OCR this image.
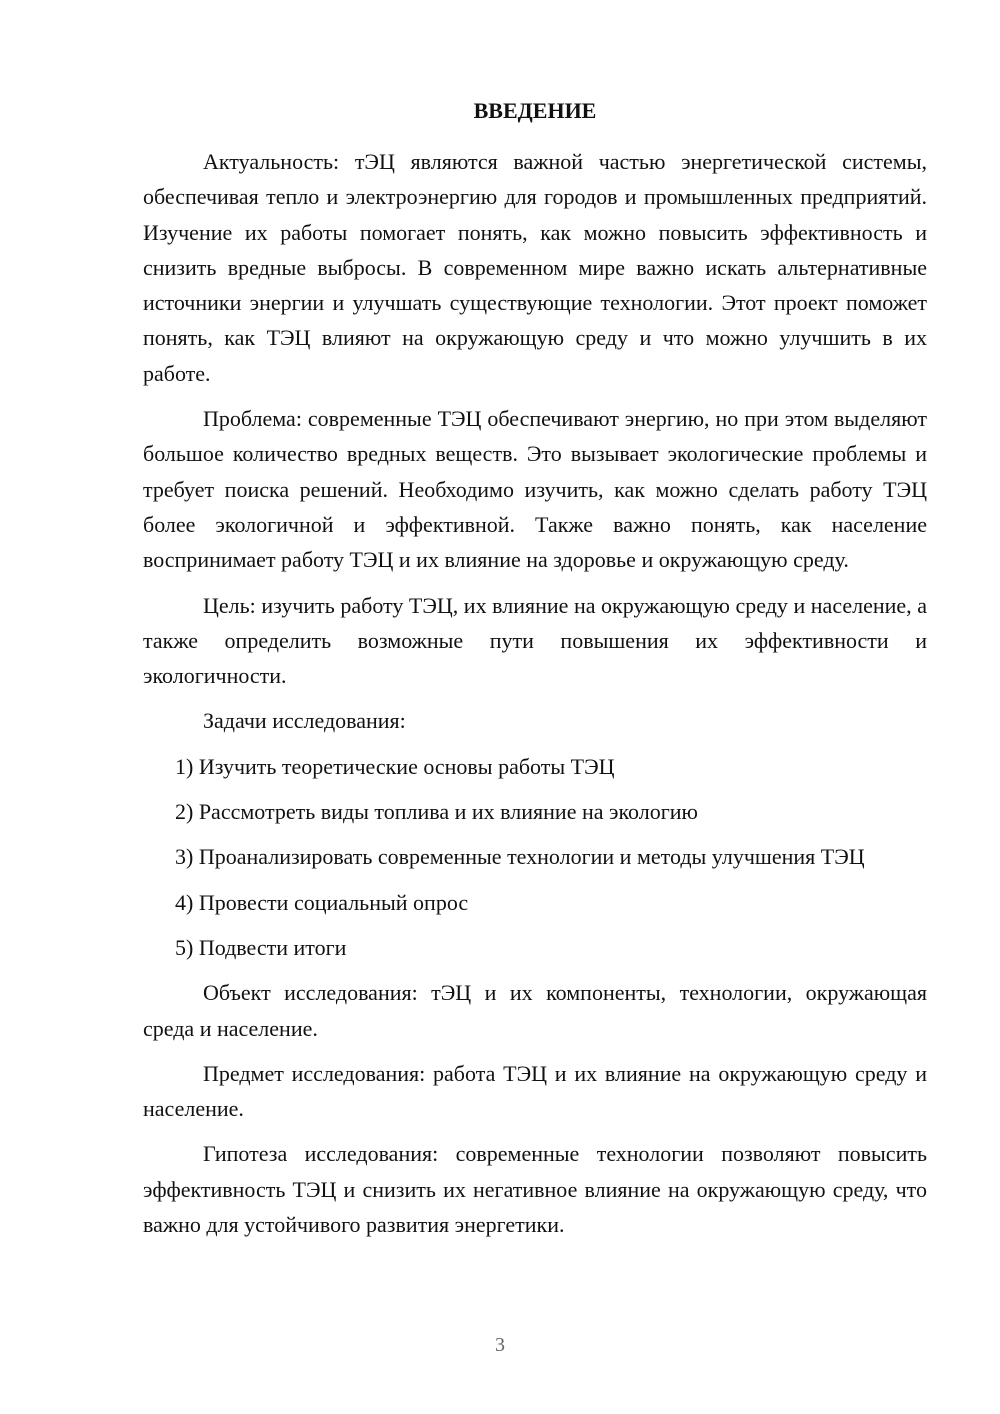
ВВЕДЕНИЕ

Актуальность: тЭЦ являются важной частью энергетической системы, обеспечивая тепло и электроэнергию для городов и промышленных предприятий. Изучение их работы помогает понять, как можно повысить эффективность и снизить вредные выбросы. В современном мире важно искать альтернативные источники энергии и улучшать существующие технологии. Этот проект поможет понять, как ТЭЦ влияют на окружающую среду и что можно улучшить в их работе.

Проблема: современные ТЭЦ обеспечивают энергию, но при этом выделяют большое количество вредных веществ. Это вызывает экологические проблемы и требует поиска решений. Необходимо изучить, как можно сделать работу ТЭЦ более экологичной и эффективной. Также важно понять, как население воспринимает работу ТЭЦ и их влияние на здоровье и окружающую среду.

Цель: изучить работу ТЭЦ, их влияние на окружающую среду и население, а также определить возможные пути повышения их эффективности и экологичности.

Задачи исследования:

1) Изучить теоретические основы работы ТЭЦ

2) Рассмотреть виды топлива и их влияние на экологию

3) Проанализировать современные технологии и методы улучшения ТЭЦ

4) Провести социальный опрос

5) Подвести итоги

Объект исследования: тЭЦ и их компоненты, технологии, окружающая среда и население.

Предмет исследования: работа ТЭЦ и их влияние на окружающую среду и население.

Гипотеза исследования: современные технологии позволяют повысить эффективность ТЭЦ и снизить их негативное влияние на окружающую среду, что важно для устойчивого развития энергетики.

3
